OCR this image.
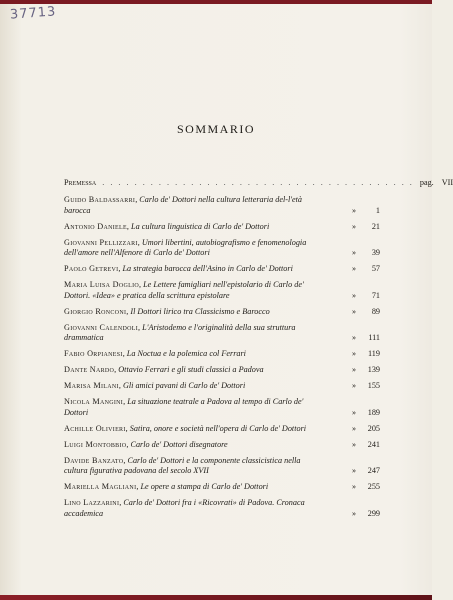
37713
SOMMARIO
Premessa . . . . . . . . . . . . . . . . . . . . . . . . . . . . . . . . . . . . . . . pag. VII
Guido Baldassarri, Carlo de' Dottori nella cultura letteraria del-l'età barocca	» 1
Antonio Daniele, La cultura linguistica di Carlo de' Dottori	» 21
Giovanni Pellizzari, Umori libertini, autobiografismo e fenomenologia dell'amore nell'Alfenore di Carlo de' Dottori	» 39
Paolo Getrevi, La strategia barocca dell'Asino in Carlo de' Dottori	» 57
Maria Luisa Doglio, Le Lettere famigliari nell'epistolario di Carlo de' Dottori. «Idea» e pratica della scrittura epistolare	» 71
Giorgio Ronconi, Il Dottori lirico tra Classicismo e Barocco	» 89
Giovanni Calendoli, L'Aristodemo e l'originalità della sua struttura drammatica	» 111
Fabio Orpianesi, La Noctua e la polemica col Ferrari	» 119
Dante Nardo, Ottavio Ferrari e gli studi classici a Padova	» 139
Marisa Milani, Gli amici pavani di Carlo de' Dottori	» 155
Nicola Mangini, La situazione teatrale a Padova al tempo di Carlo de' Dottori	» 189
Achille Olivieri, Satira, onore e società nell'opera di Carlo de' Dottori	» 205
Luigi Montobbio, Carlo de' Dottori disegnatore	» 241
Davide Banzato, Carlo de' Dottori e la componente classicistica nella cultura figurativa padovana del secolo XVII	» 247
Mariella Magliani, Le opere a stampa di Carlo de' Dottori	» 255
Lino Lazzarini, Carlo de' Dottori fra i «Ricovrati» di Padova. Cronaca accademica	» 299
